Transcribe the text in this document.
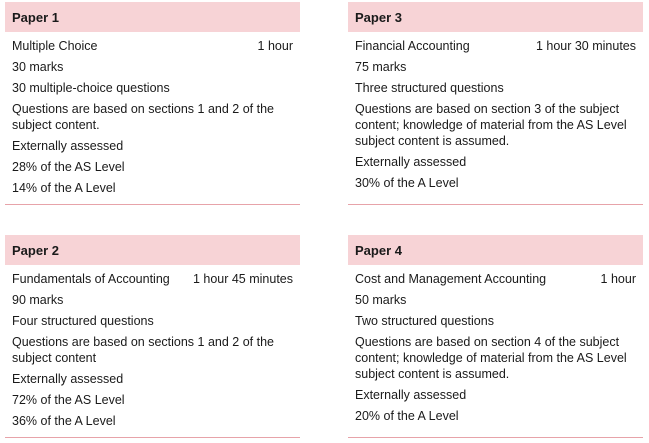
Paper 1
Multiple Choice	1 hour
30 marks
30 multiple-choice questions
Questions are based on sections 1 and 2 of the subject content.
Externally assessed
28% of the AS Level
14% of the A Level
Paper 3
Financial Accounting	1 hour 30 minutes
75 marks
Three structured questions
Questions are based on section 3 of the subject content; knowledge of material from the AS Level subject content is assumed.
Externally assessed
30% of the A Level
Paper 2
Fundamentals of Accounting 1 hour 45 minutes
90 marks
Four structured questions
Questions are based on sections 1 and 2 of the subject content
Externally assessed
72% of the AS Level
36% of the A Level
Paper 4
Cost and Management Accounting	1 hour
50 marks
Two structured questions
Questions are based on section 4 of the subject content; knowledge of material from the AS Level subject content is assumed.
Externally assessed
20% of the A Level
